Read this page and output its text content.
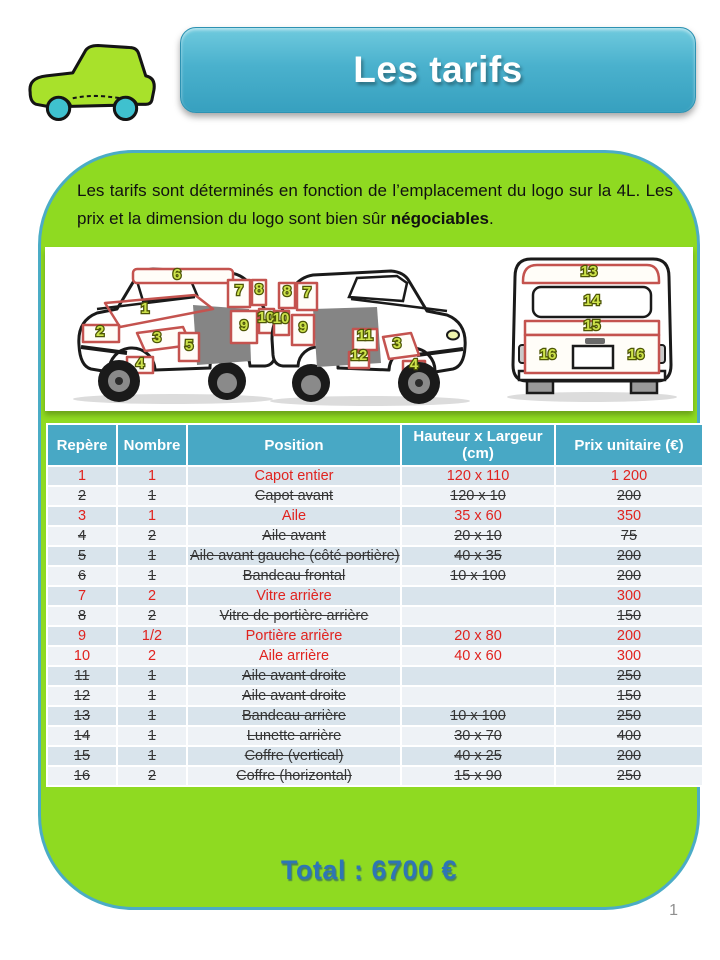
Les tarifs

Les tarifs sont déterminés en fonction de l’emplacement du logo sur la 4L. Les prix et la dimension du logo sont bien sûr négociables.

6
1
2	3 5
4
7 8
9 10
8 7
10
9	11
12
3
4
13
14
15
16	16
Repère	Nombre	Position	Hauteur x Largeur (cm)	Prix unitaire (€)
1	1	Capot entier	120 x 110	1 200
2	1	Capot avant	120 x 10	200
3	1	Aile	35 x 60	350
4	2	Aile avant	20 x 10	75
5	1	Aile avant gauche (côté portière)	40 x 35	200
6	1	Bandeau frontal	10 x 100	200
7	2	Vitre arrière		300
8	2	Vitre de portière arrière		150
9	1/2	Portière arrière	20 x 80	200
10	2	Aile arrière	40 x 60	300
11	1	Aile avant droite		250
12	1	Aile avant droite		150
13	1	Bandeau arrière	10 x 100	250
14	1	Lunette arrière	30 x 70	400
15	1	Coffre (vertical)	40 x 25	200
16	2	Coffre (horizontal)	15 x 90	250
Total : 6700 €
1
